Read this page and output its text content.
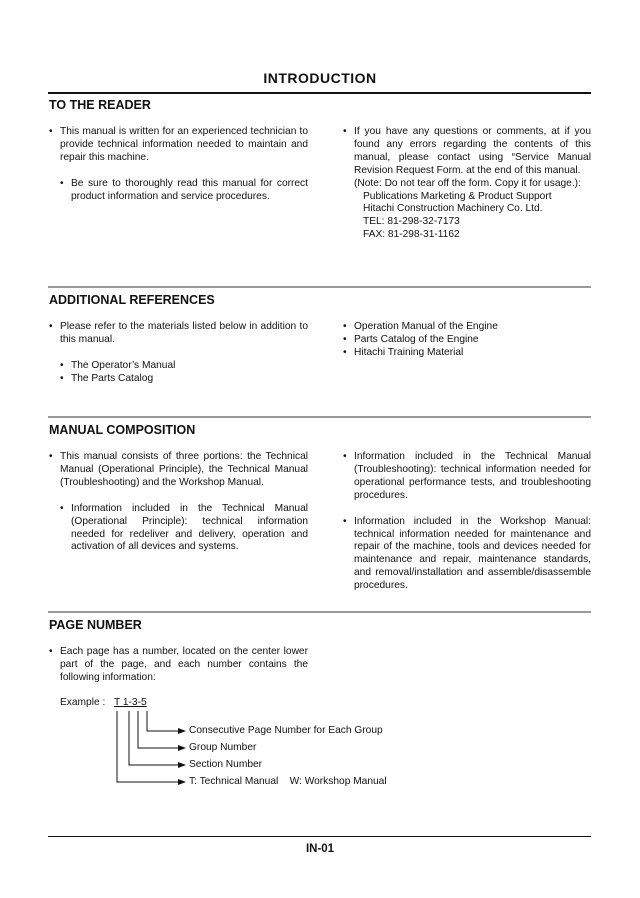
INTRODUCTION
TO THE READER
• This manual is written for an experienced technician to provide technical information needed to maintain and repair this machine.
• Be sure to thoroughly read this manual for correct product information and service procedures.
• If you have any questions or comments, at if you found any errors regarding the contents of this manual, please contact using “Service Manual Revision Request Form. at the end of this manual.
(Note: Do not tear off the form. Copy it for usage.):
Publications Marketing & Product Support
Hitachi Construction Machinery Co. Ltd.
TEL: 81-298-32-7173
FAX: 81-298-31-1162
ADDITIONAL REFERENCES
• Please refer to the materials listed below in addition to this manual.
• The Operator’s Manual
• The Parts Catalog
• Operation Manual of the Engine
• Parts Catalog of the Engine
• Hitachi Training Material
MANUAL COMPOSITION
• This manual consists of three portions: the Technical Manual (Operational Principle), the Technical Manual (Troubleshooting) and the Workshop Manual.
• Information included in the Technical Manual (Operational Principle): technical information needed for redeliver and delivery, operation and activation of all devices and systems.
• Information included in the Technical Manual (Troubleshooting): technical information needed for operational performance tests, and troubleshooting procedures.
• Information included in the Workshop Manual: technical information needed for maintenance and repair of the machine, tools and devices needed for maintenance and repair, maintenance standards, and removal/installation and assemble/disassemble procedures.
PAGE NUMBER
• Each page has a number, located on the center lower part of the page, and each number contains the following information:
Example : T 1-3-5
Consecutive Page Number for Each Group
Group Number
Section Number
T: Technical Manual    W: Workshop Manual
IN-01
